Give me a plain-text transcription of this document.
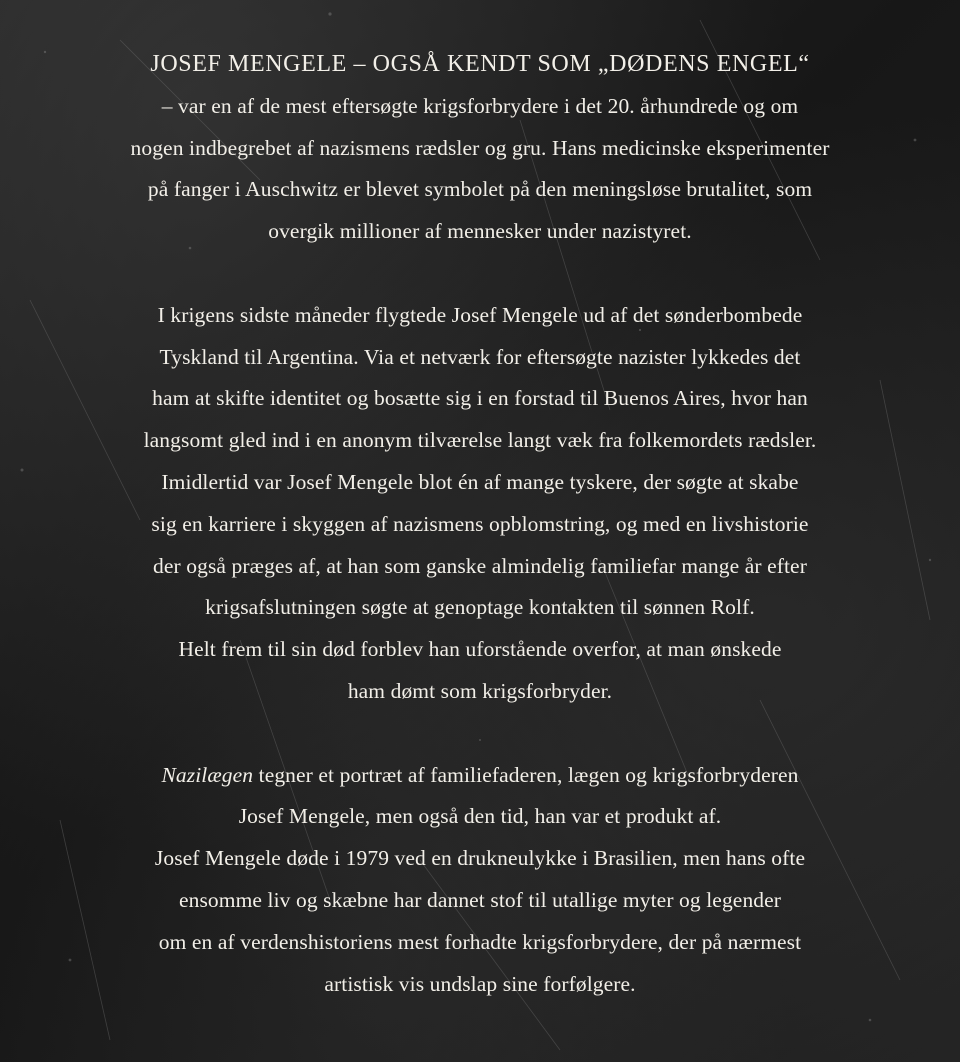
JOSEF MENGELE – OGSÅ KENDT SOM „DØDENS ENGEL“
– var en af de mest eftersøgte krigsforbrydere i det 20. århundrede og om
nogen indbegrebet af nazismens rædsler og gru. Hans medicinske eksperimenter
på fanger i Auschwitz er blevet symbolet på den meningsløse brutalitet, som
overgik millioner af mennesker under nazistyret.
I krigens sidste måneder flygtede Josef Mengele ud af det sønderbombede
Tyskland til Argentina. Via et netværk for eftersøgte nazister lykkedes det
ham at skifte identitet og bosætte sig i en forstad til Buenos Aires, hvor han
langsomt gled ind i en anonym tilværelse langt væk fra folkemordets rædsler.
Imidlertid var Josef Mengele blot én af mange tyskere, der søgte at skabe
sig en karriere i skyggen af nazismens opblomstring, og med en livshistorie
der også præges af, at han som ganske almindelig familiefar mange år efter
krigsafslutningen søgte at genoptage kontakten til sønnen Rolf.
Helt frem til sin død forblev han uforstående overfor, at man ønskede
ham dømt som krigsforbryder.
Nazilægen tegner et portræt af familiefaderen, lægen og krigsforbryderen
Josef Mengele, men også den tid, han var et produkt af.
Josef Mengele døde i 1979 ved en drukneulykke i Brasilien, men hans ofte
ensomme liv og skæbne har dannet stof til utallige myter og legender
om en af verdenshistoriens mest forhadte krigsforbrydere, der på nærmest
artistisk vis undslap sine forfølgere.
